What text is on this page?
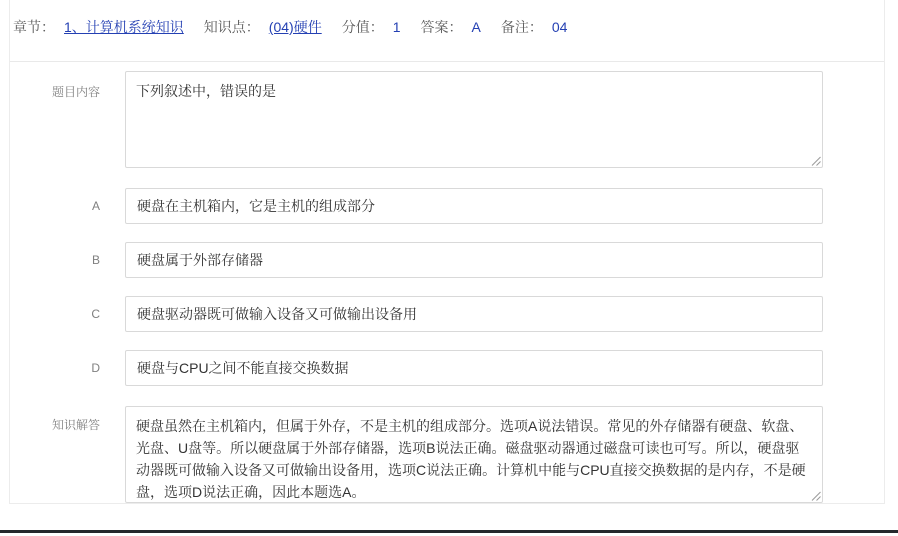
章节： 1、计算机系统知识 知识点： (04)硬件 分值： 1 答案： A 备注： 04
题目内容
下列叙述中，错误的是
A
硬盘在主机箱内，它是主机的组成部分
B
硬盘属于外部存储器
C
硬盘驱动器既可做输入设备又可做输出设备用
D
硬盘与CPU之间不能直接交换数据
知识解答
硬盘虽然在主机箱内，但属于外存，不是主机的组成部分。选项A说法错误。常见的外存储器有硬盘、软盘、光盘、U盘等。所以硬盘属于外部存储器，选项B说法正确。磁盘驱动器通过磁盘可读也可写。所以，硬盘驱动器既可做输入设备又可做输出设备用，选项C说法正确。计算机中能与CPU直接交换数据的是内存，不是硬盘，选项D说法正确，因此本题选A。
